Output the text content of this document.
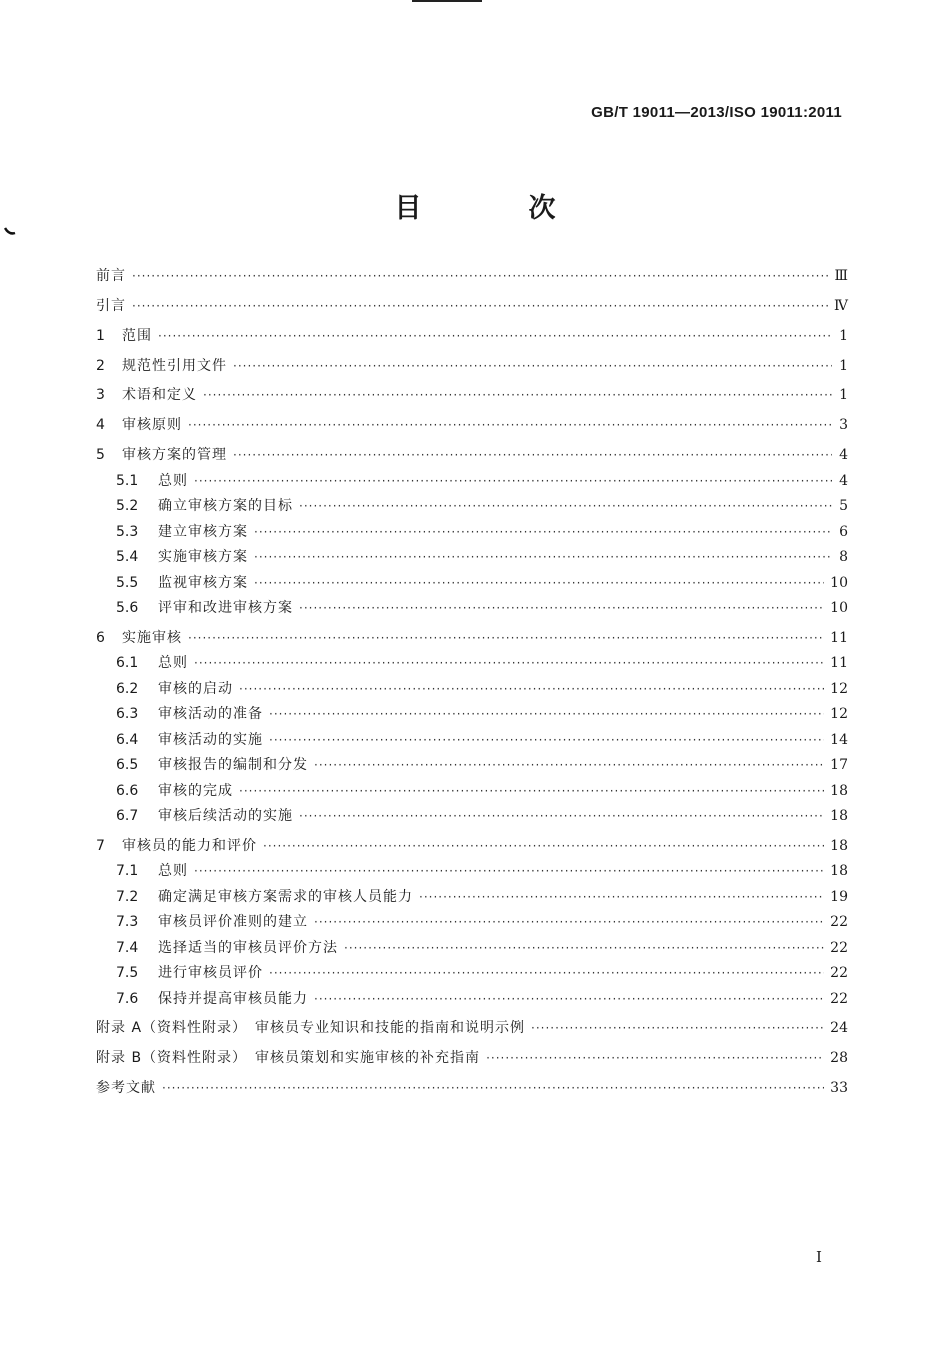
GB/T 19011—2013/ISO 19011:2011
目　次
前言 ·····	Ⅲ
引言 ·····	Ⅳ
1	范围 ·····	1
2	规范性引用文件 ·····	1
3	术语和定义 ·····	1
4	审核原则 ·····	3
5	审核方案的管理 ·····	4
5.1	总则 ·····	4
5.2	确立审核方案的目标 ·····	5
5.3	建立审核方案 ·····	6
5.4	实施审核方案 ·····	8
5.5	监视审核方案 ·····	10
5.6	评审和改进审核方案 ·····	10
6	实施审核 ·····	11
6.1	总则 ·····	11
6.2	审核的启动 ·····	12
6.3	审核活动的准备 ·····	12
6.4	审核活动的实施 ·····	14
6.5	审核报告的编制和分发 ·····	17
6.6	审核的完成 ·····	18
6.7	审核后续活动的实施 ·····	18
7	审核员的能力和评价 ·····	18
7.1	总则 ·····	18
7.2	确定满足审核方案需求的审核人员能力 ·····	19
7.3	审核员评价准则的建立 ·····	22
7.4	选择适当的审核员评价方法 ·····	22
7.5	进行审核员评价 ·····	22
7.6	保持并提高审核员能力 ·····	22
附录 A（资料性附录）　审核员专业知识和技能的指南和说明示例 ·····	24
附录 B（资料性附录）　审核员策划和实施审核的补充指南 ·····	28
参考文献 ·····	33
I
